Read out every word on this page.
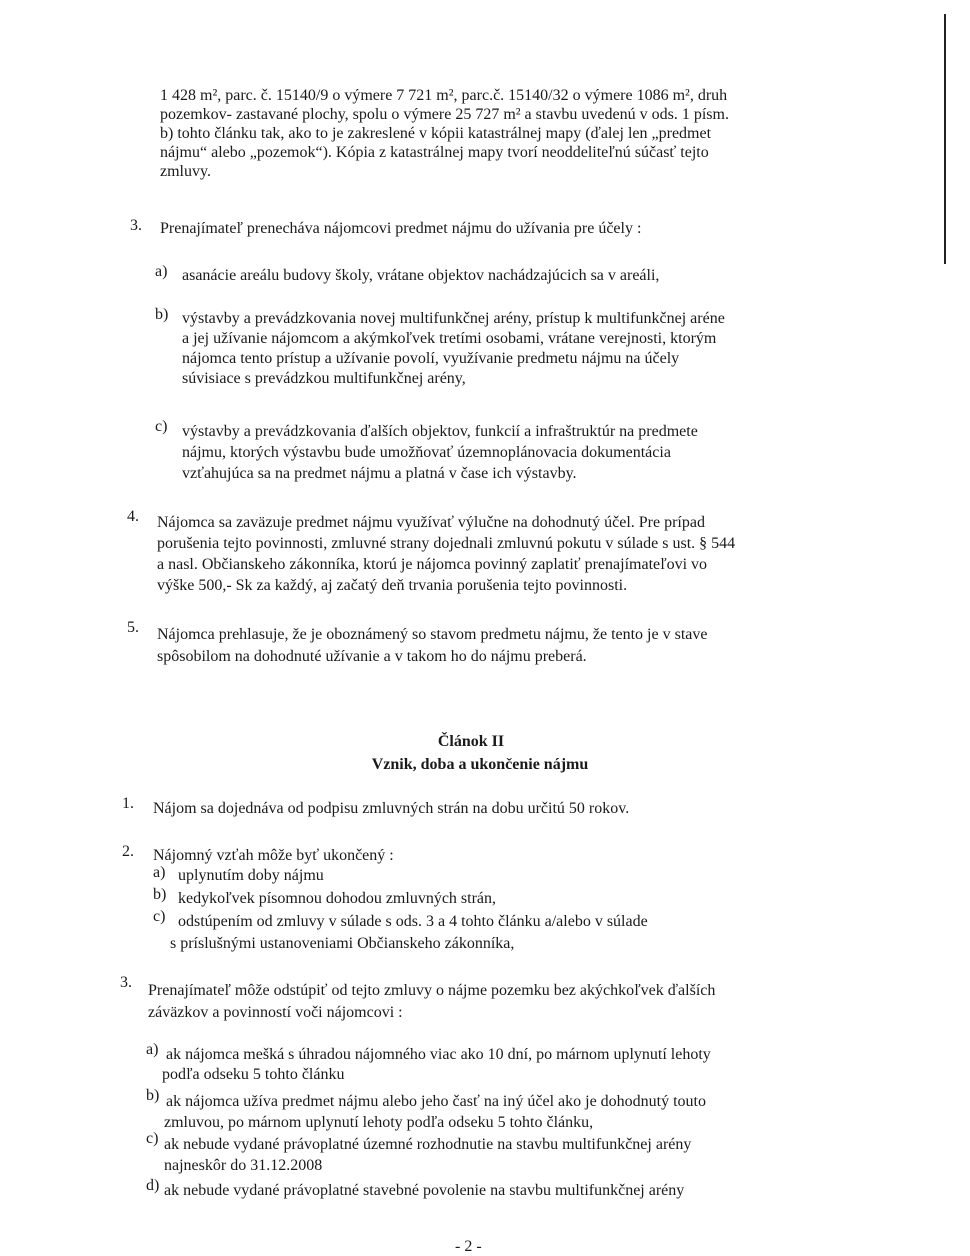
1 428 m², parc. č. 15140/9 o výmere 7 721 m², parc.č. 15140/32 o výmere 1086 m², druh
pozemkov- zastavané plochy, spolu o výmere 25 727 m² a stavbu uvedenú v ods. 1 písm.
b) tohto článku tak, ako to je zakreslené v kópii katastrálnej mapy (ďalej len „predmet
nájmu“ alebo „pozemok“). Kópia z katastrálnej mapy tvorí neoddeliteľnú súčasť tejto
zmluvy.
3. Prenajímateľ prenecháva nájomcovi predmet nájmu do užívania pre účely :
a) asanácie areálu budovy školy, vrátane objektov nachádzajúcich sa v areáli,
b) výstavby a prevádzkovania novej multifunkčnej arény, prístup k multifunkčnej aréne
a jej užívanie nájomcom a akýmkoľvek tretími osobami, vrátane verejnosti, ktorým
nájomca tento prístup a užívanie povolí, využívanie predmetu nájmu na účely
súvisiace s prevádzkou multifunkčnej arény,
c) výstavby a prevádzkovania ďalších objektov, funkcií a infraštruktúr na predmete
nájmu, ktorých výstavbu bude umožňovať územnoplánovacia dokumentácia
vzťahujúca sa na predmet nájmu a platná v čase ich výstavby.
4. Nájomca sa zaväzuje predmet nájmu využívať výlučne na dohodnutý účel. Pre prípad
porušenia tejto povinnosti, zmluvné strany dojednali zmluvnú pokutu v súlade s ust. § 544
a nasl. Občianskeho zákonníka, ktorú je nájomca povinný zaplatiť prenajímateľovi vo
výške 500,- Sk za každý, aj začatý deň trvania porušenia tejto povinnosti.
5. Nájomca prehlasuje, že je oboznámený so stavom predmetu nájmu, že tento je v stave
spôsobilom na dohodnuté užívanie a v takom ho do nájmu preberá.
Článok II
Vznik, doba a ukončenie nájmu
1. Nájom sa dojednáva od podpisu zmluvných strán na dobu určitú 50 rokov.
2. Nájomný vzťah môže byť ukončený :
a) uplynutím doby nájmu
b) kedykoľvek písomnou dohodou zmluvných strán,
c) odstúpením od zmluvy v súlade s ods. 3 a 4 tohto článku a/alebo v súlade
s príslušnými ustanoveniami Občianskeho zákonníka,
3. Prenajímateľ môže odstúpiť od tejto zmluvy o nájme pozemku bez akýchkoľvek ďalších
záväzkov a povinností voči nájomcovi :
a) ak nájomca mešká s úhradou nájomného viac ako 10 dní, po márnom uplynutí lehoty
podľa odseku 5 tohto článku
b) ak nájomca užíva predmet nájmu alebo jeho časť na iný účel ako je dohodnutý touto
zmluvou, po márnom uplynutí lehoty podľa odseku 5 tohto článku,
c) ak nebude vydané právoplatné územné rozhodnutie na stavbu multifunkčnej arény
najneskôr do 31.12.2008
d) ak nebude vydané právoplatné stavebné povolenie na stavbu multifunkčnej arény
- 2 -
